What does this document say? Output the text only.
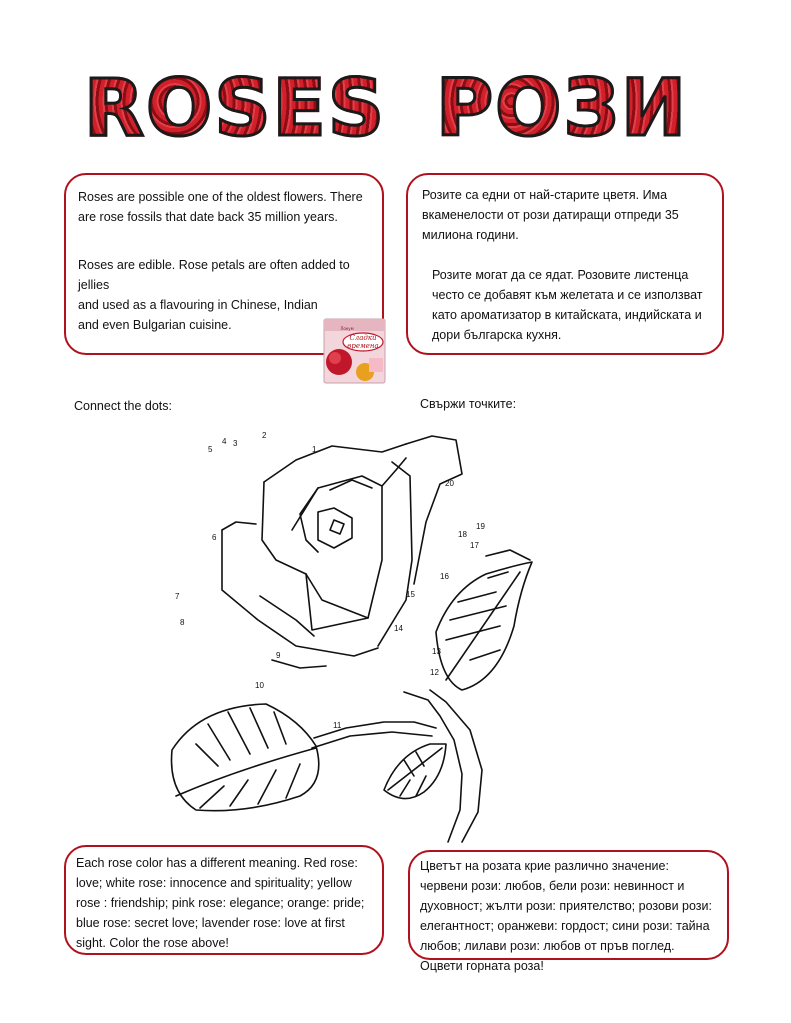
ROSES РОЗИ

Roses are possible one of the oldest flowers. There are rose fossils that date back 35 million years.

Roses are edible. Rose petals are often added to jellies
and used as a flavouring in Chinese, Indian
and even Bulgarian cuisine.

Розите са едни от най-старите цветя. Има вкаменелости от рози датиращи отпреди 35 милиона години.

Розите могат да се ядат. Розовите листенца често се добавят към желетата и се използват като ароматизатор в китайската, индийската и дори българска кухня.

Сладки
времена
Локум
Connect the dots:	Свържи точките:
1
2
3
4
5
6
7
8
9
10
11
12
13
14
15
16
17
18
19
20

Each rose color has a different meaning. Red rose: love; white rose: innocence and spirituality; yellow rose : friendship; pink rose: elegance; orange: pride; blue rose: secret love; lavender rose: love at first sight. Color the rose above!

Цветът на розата крие различно значение: червени рози: любов, бели рози: невинност и духовност; жълти рози: приятелство; розови рози: елегантност; оранжеви: гордост; сини рози: тайна любов; лилави рози: любов от пръв поглед. Оцвети горната роза!
